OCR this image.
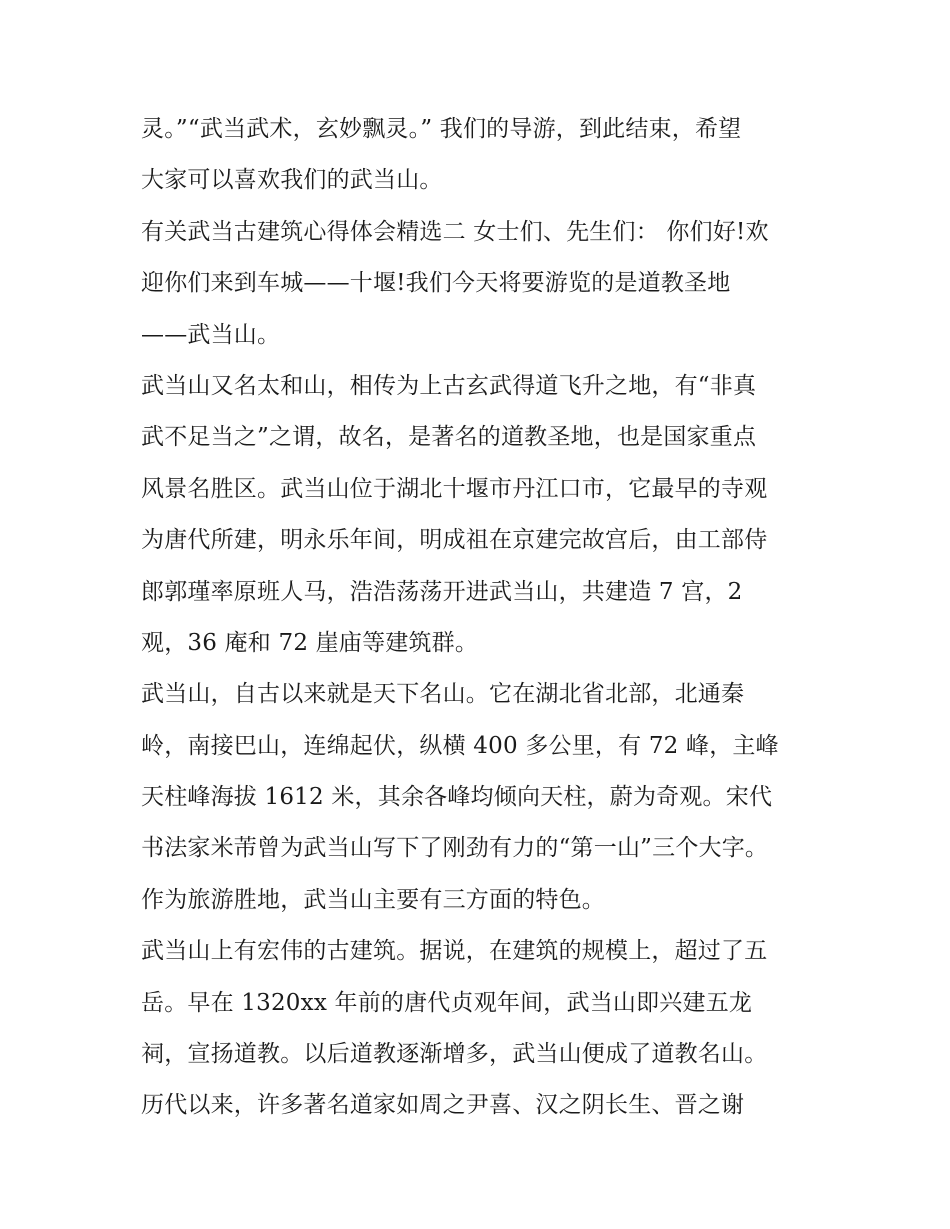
灵。”“武当武术，玄妙飘灵。” 我们的导游，到此结束，希望
大家可以喜欢我们的武当山。
有关武当古建筑心得体会精选二 女士们、先生们： 你们好!欢
迎你们来到车城——十堰!我们今天将要游览的是道教圣地
——武当山。
武当山又名太和山，相传为上古玄武得道飞升之地，有“非真
武不足当之”之谓，故名，是著名的道教圣地，也是国家重点
风景名胜区。武当山位于湖北十堰市丹江口市，它最早的寺观
为唐代所建，明永乐年间，明成祖在京建完故宫后，由工部侍
郎郭瑾率原班人马，浩浩荡荡开进武当山，共建造 7 宫，2
观，36 庵和 72 崖庙等建筑群。
武当山，自古以来就是天下名山。它在湖北省北部，北通秦
岭，南接巴山，连绵起伏，纵横 400 多公里，有 72 峰，主峰
天柱峰海拔 1612 米，其余各峰均倾向天柱，蔚为奇观。宋代
书法家米芾曾为武当山写下了刚劲有力的“第一山”三个大字。
作为旅游胜地，武当山主要有三方面的特色。
武当山上有宏伟的古建筑。据说，在建筑的规模上，超过了五
岳。早在 1320xx 年前的唐代贞观年间，武当山即兴建五龙
祠，宣扬道教。以后道教逐渐增多，武当山便成了道教名山。
历代以来，许多著名道家如周之尹喜、汉之阴长生、晋之谢
